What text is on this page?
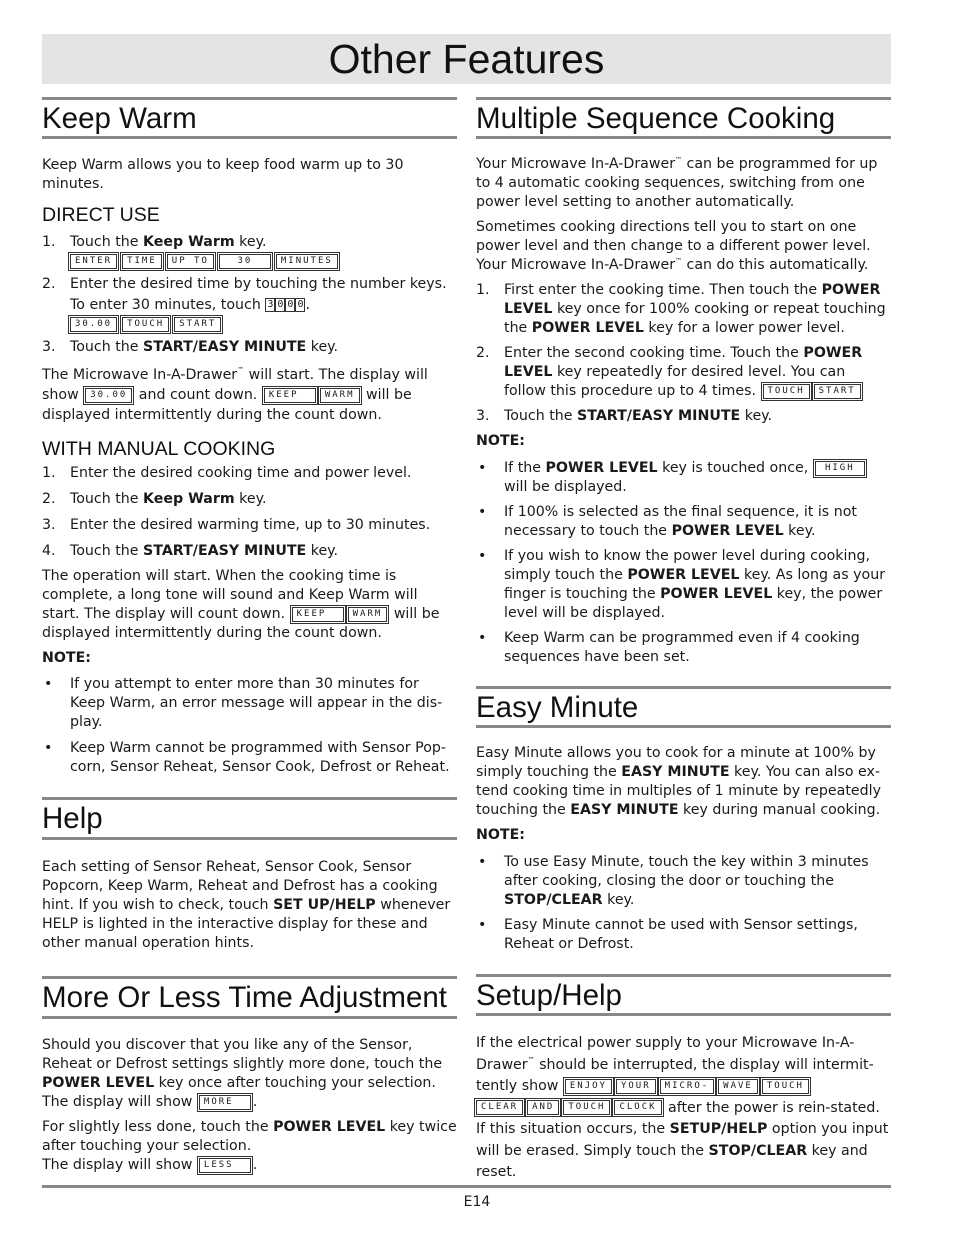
Other Features
Keep Warm

Keep Warm allows you to keep food warm up to 30 minutes.

DIRECT USE
1. Touch the Keep Warm key.
ENTER	TIME	UP TO	30	MINUTES
2. Enter the desired time by touching the number keys.
To enter 30 minutes, touch 3 0 0 0 .
30.00	TOUCH	START
3. Touch the START/EASY MINUTE key.

The Microwave In-A-Drawer™ will start. The display will
show 30.00 and count down. KEEP	WARM will be
displayed intermittently during the count down.

WITH MANUAL COOKING
1. Enter the desired cooking time and power level.
2. Touch the Keep Warm key.
3. Enter the desired warming time, up to 30 minutes.
4. Touch the START/EASY MINUTE key.

The operation will start. When the cooking time is complete, a long tone will sound and Keep Warm will start. The display will count down. KEEP	WARM will be displayed intermittently during the count down.

NOTE:

• If you attempt to enter more than 30 minutes for Keep Warm, an error message will appear in the dis-play.
• Keep Warm cannot be programmed with Sensor Pop-corn, Sensor Reheat, Sensor Cook, Defrost or Reheat.
Help

Each setting of Sensor Reheat, Sensor Cook, Sensor Popcorn, Keep Warm, Reheat and Defrost has a cooking hint. If you wish to check, touch SET UP/HELP whenever HELP is lighted in the interactive display for these and other manual operation hints.

More Or Less Time Adjustment

Should you discover that you like any of the Sensor, Reheat or Defrost settings slightly more done, touch the POWER LEVEL key once after touching your selection.
The display will show MORE .

For slightly less done, touch the POWER LEVEL key twice after touching your selection.
The display will show LESS .

Multiple Sequence Cooking

Your Microwave In-A-Drawer™ can be programmed for up to 4 automatic cooking sequences, switching from one power level setting to another automatically.

Sometimes cooking directions tell you to start on one power level and then change to a different power level. Your Microwave In-A-Drawer™ can do this automatically.

1. First enter the cooking time. Then touch the POWER LEVEL key once for 100% cooking or repeat touching the POWER LEVEL key for a lower power level.
2. Enter the second cooking time. Touch the POWER LEVEL key repeatedly for desired level. You can follow this procedure up to 4 times. TOUCH START
3. Touch the START/EASY MINUTE key.

NOTE:

• If the POWER LEVEL key is touched once, HIGH will be displayed.
• If 100% is selected as the final sequence, it is not necessary to touch the POWER LEVEL key.
• If you wish to know the power level during cooking, simply touch the POWER LEVEL key. As long as your finger is touching the POWER LEVEL key, the power level will be displayed.
• Keep Warm can be programmed even if 4 cooking sequences have been set.
Easy Minute

Easy Minute allows you to cook for a minute at 100% by simply touching the EASY MINUTE key. You can also ex-tend cooking time in multiples of 1 minute by repeatedly touching the EASY MINUTE key during manual cooking.

NOTE:

• To use Easy Minute, touch the key within 3 minutes after cooking, closing the door or touching the STOP/CLEAR key.
• Easy Minute cannot be used with Sensor settings, Reheat or Defrost.
Setup/Help

If the electrical power supply to your Microwave In-A-Drawer™ should be interrupted, the display will intermit-tently show ENJOY YOUR MICRO- WAVE TOUCH
CLEAR AND TOUCH CLOCK after the power is rein-stated. If this situation occurs, the SETUP/HELP option you input will be erased. Simply touch the STOP/CLEAR key and reset.

E14
